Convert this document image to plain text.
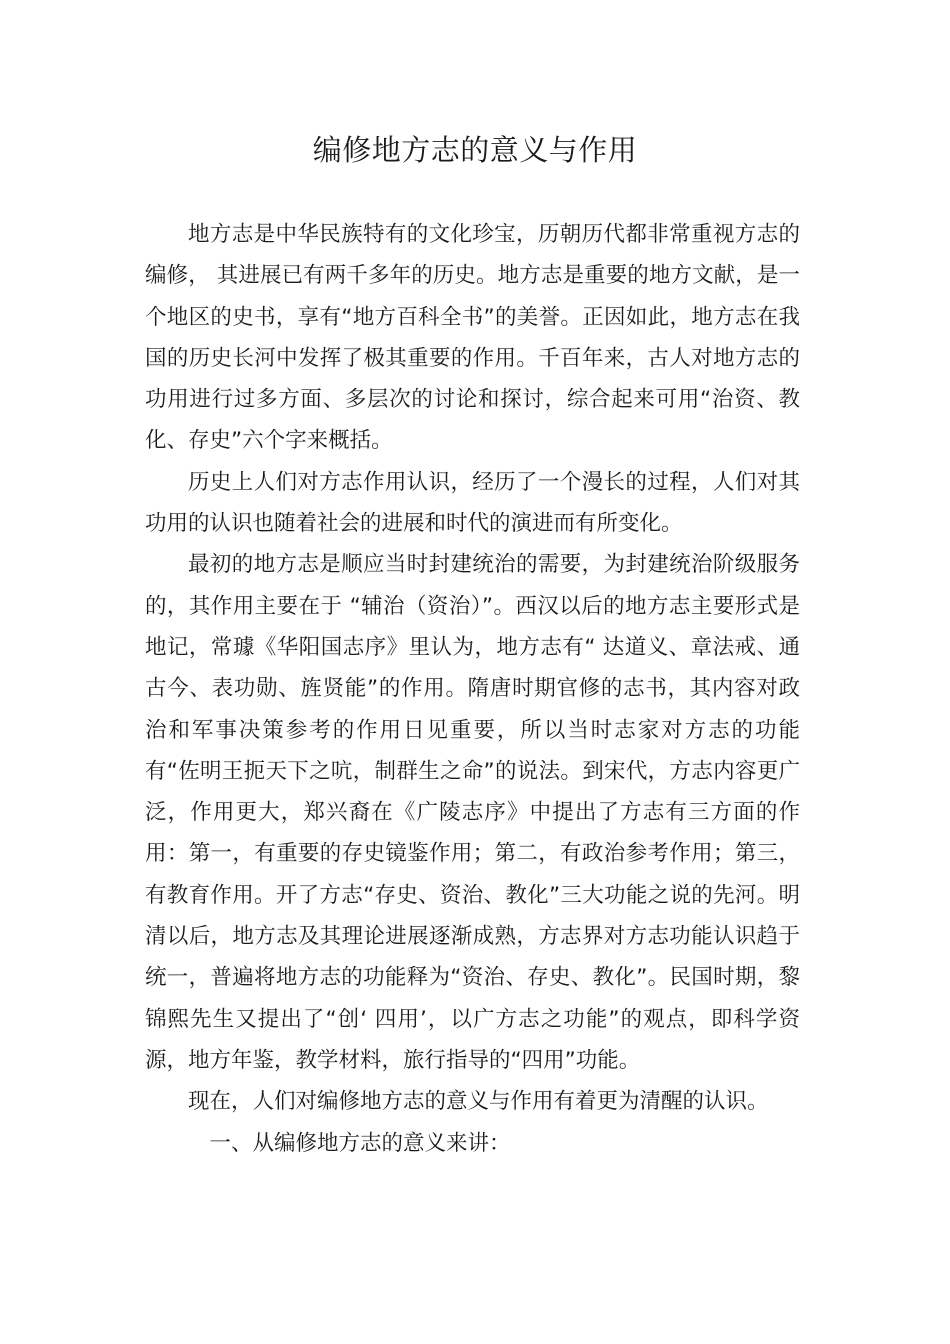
编修地方志的意义与作用

地方志是中华民族特有的文化珍宝，历朝历代都非常重视方志的编修， 其进展已有两千多年的历史。地方志是重要的地方文献，是一个地区的史书，享有“地方百科全书”的美誉。正因如此，地方志在我国的历史长河中发挥了极其重要的作用。千百年来，古人对地方志的功用进行过多方面、多层次的讨论和探讨，综合起来可用“治资、教化、存史”六个字来概括。

历史上人们对方志作用认识，经历了一个漫长的过程，人们对其功用的认识也随着社会的进展和时代的演进而有所变化。

最初的地方志是顺应当时封建统治的需要，为封建统治阶级服务的，其作用主要在于 “辅治（资治）”。西汉以后的地方志主要形式是地记，常璩《华阳国志序》里认为，地方志有“ 达道义、章法戒、通古今、表功勋、旌贤能”的作用。隋唐时期官修的志书，其内容对政治和军事决策参考的作用日见重要，所以当时志家对方志的功能有“佐明王扼天下之吭，制群生之命”的说法。到宋代，方志内容更广泛，作用更大，郑兴裔在《广陵志序》中提出了方志有三方面的作用：第一，有重要的存史镜鉴作用；第二，有政治参考作用；第三，有教育作用。开了方志“存史、资治、教化”三大功能之说的先河。明清以后，地方志及其理论进展逐渐成熟，方志界对方志功能认识趋于统一，普遍将地方志的功能释为“资治、存史、教化”。民国时期，黎锦熙先生又提出了“创‘ 四用’，以广方志之功能”的观点，即科学资源，地方年鉴，教学材料，旅行指导的“四用”功能。

现在，人们对编修地方志的意义与作用有着更为清醒的认识。

一、从编修地方志的意义来讲：
